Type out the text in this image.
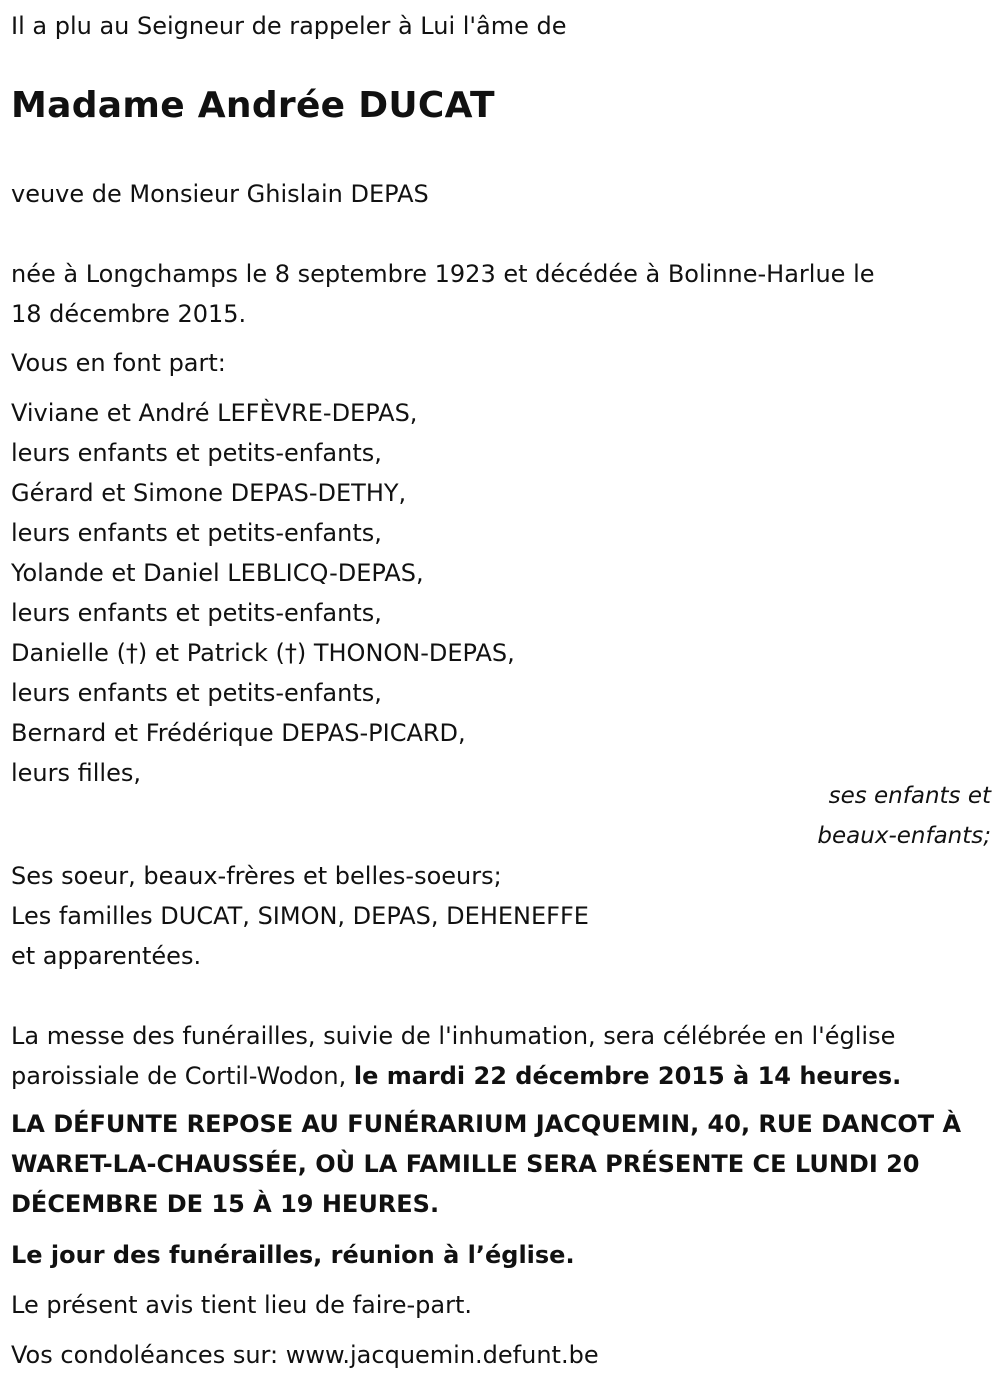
Il a plu au Seigneur de rappeler à Lui l'âme de

Madame Andrée DUCAT

veuve de Monsieur Ghislain DEPAS

née à Longchamps le 8 septembre 1923 et décédée à Bolinne-Harlue le

18 décembre 2015.

Vous en font part:

Viviane et André LEFÈVRE-DEPAS,

leurs enfants et petits-enfants,

Gérard et Simone DEPAS-DETHY,

leurs enfants et petits-enfants,

Yolande et Daniel LEBLICQ-DEPAS,

leurs enfants et petits-enfants,

Danielle (†) et Patrick (†) THONON-DEPAS,

leurs enfants et petits-enfants,

Bernard et Frédérique DEPAS-PICARD,

leurs filles,

ses enfants et
beaux-enfants;

Ses soeur, beaux-frères et belles-soeurs;

Les familles DUCAT, SIMON, DEPAS, DEHENEFFE

et apparentées.

La messe des funérailles, suivie de l'inhumation, sera célébrée en l'église

paroissiale de Cortil-Wodon, le mardi 22 décembre 2015 à 14 heures.

LA DÉFUNTE REPOSE AU FUNÉRARIUM JACQUEMIN, 40, RUE DANCOT À
WARET-LA-CHAUSSÉE, OÙ LA FAMILLE SERA PRÉSENTE CE LUNDI 20
DÉCEMBRE DE 15 À 19 HEURES.

Le jour des funérailles, réunion à l’église.

Le présent avis tient lieu de faire-part.

Vos condoléances sur: www.jacquemin.defunt.be
